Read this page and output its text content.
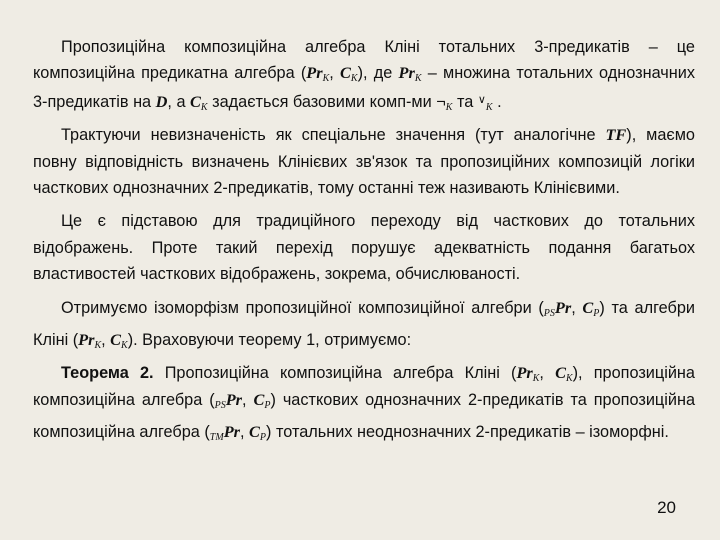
Пропозиційна композиційна алгебра Кліні тотальних 3-предикатів – це композиційна предикатна алгебра ($Pr_K$, $C_K$), де $Pr_K$ – множина тотальних однозначних 3-предикатів на D, а $C_K$ задається базовими комп-ми $\neg_K$ та ∨$_K$ .

Трактуючи невизначеність як спеціальне значення (тут аналогічне TF), маємо повну відповідність визначень Клінієвих зв'язок та пропозиційних композицій логіки часткових однозначних 2-предикатів, тому останні теж називають Клінієвими.

Це є підставою для традиційного переходу від часткових до тотальних відображень. Проте такий перехід порушує адекватність подання багатьох властивостей часткових відображень, зокрема, обчислюваності.

Отримуємо ізоморфізм пропозиційної композиційної алгебри (PSPr, $C_P$) та алгебри Кліні ($Pr_K$, $C_K$). Враховуючи теорему 1, отримуємо:

Теорема 2. Пропозиційна композиційна алгебра Кліні ($Pr_K$, $C_K$), пропозиційна композиційна алгебра (PSPr, $C_P$) часткових однозначних 2-предикатів та пропозиційна композиційна алгебра (TMPr, $C_P$) тотальних неоднозначних 2-предикатів – ізоморфні.

20
